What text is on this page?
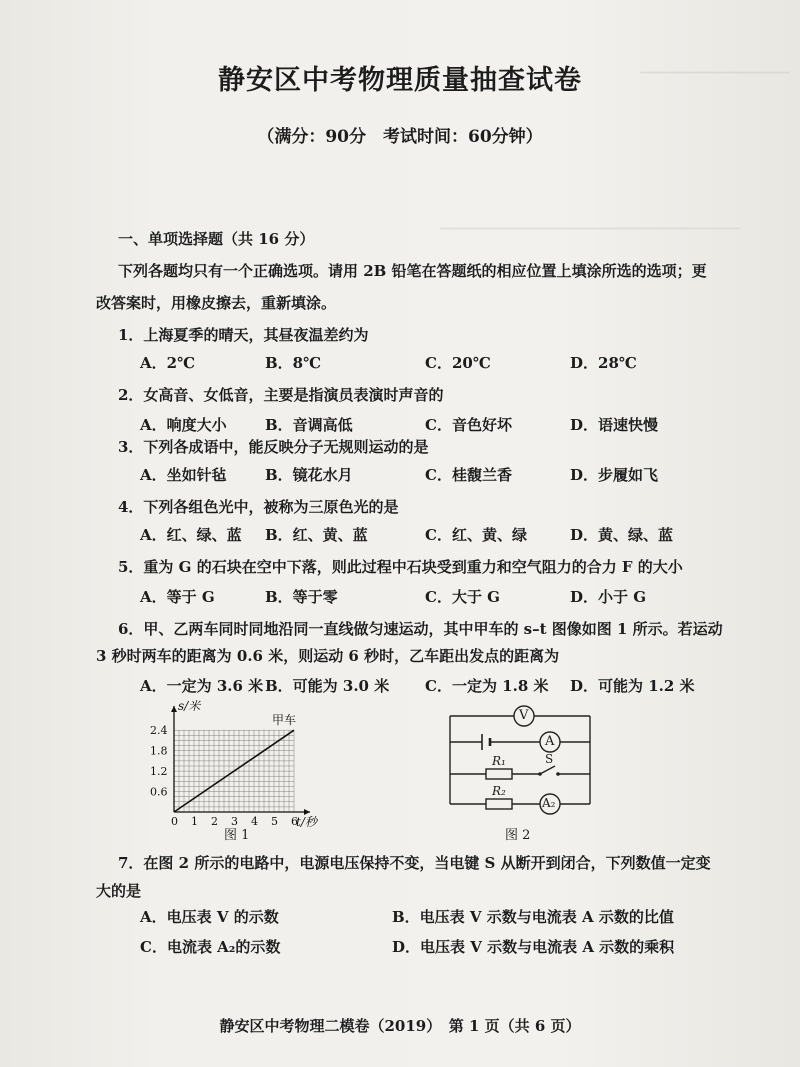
静安区中考物理质量抽查试卷
（满分：90分　考试时间：60分钟）
一、单项选择题（共 16 分）
下列各题均只有一个正确选项。请用 2B 铅笔在答题纸的相应位置上填涂所选的选项；更
改答案时，用橡皮擦去，重新填涂。
1．上海夏季的晴天，其昼夜温差约为
A．2℃	B．8℃	C．20℃	D．28℃
2．女高音、女低音，主要是指演员表演时声音的
A．响度大小	B．音调高低	C．音色好坏	D．语速快慢
3．下列各成语中，能反映分子无规则运动的是
A．坐如针毡	B．镜花水月	C．桂馥兰香	D．步履如飞
4．下列各组色光中，被称为三原色光的是
A．红、绿、蓝 B．红、黄、蓝	C．红、黄、绿	D．黄、绿、蓝
5．重为 G 的石块在空中下落，则此过程中石块受到重力和空气阻力的合力 F 的大小
A．等于 G	B．等于零	C．大于 G	D．小于 G
6．甲、乙两车同时同地沿同一直线做匀速运动，其中甲车的 s–t 图像如图 1 所示。若运动
3 秒时两车的距离为 0.6 米，则运动 6 秒时，乙车距出发点的距离为
A．一定为 3.6 米 B．可能为 3.0 米 C．一定为 1.8 米 D．可能为 1.2 米
甲车
0 1 2 3 4 5 6
0.6
1.2
1.8
2.4
s/米
t/秒
图 1
V
A
A₂
R₁
R₂
S
图 2
7．在图 2 所示的电路中，电源电压保持不变，当电键 S 从断开到闭合，下列数值一定变
大的是
A．电压表 V 的示数	B．电压表 V 示数与电流表 A 示数的比值
C．电流表 A₂的示数	D．电压表 V 示数与电流表 A 示数的乘积
静安区中考物理二模卷（2019）　第 1 页（共 6 页）
